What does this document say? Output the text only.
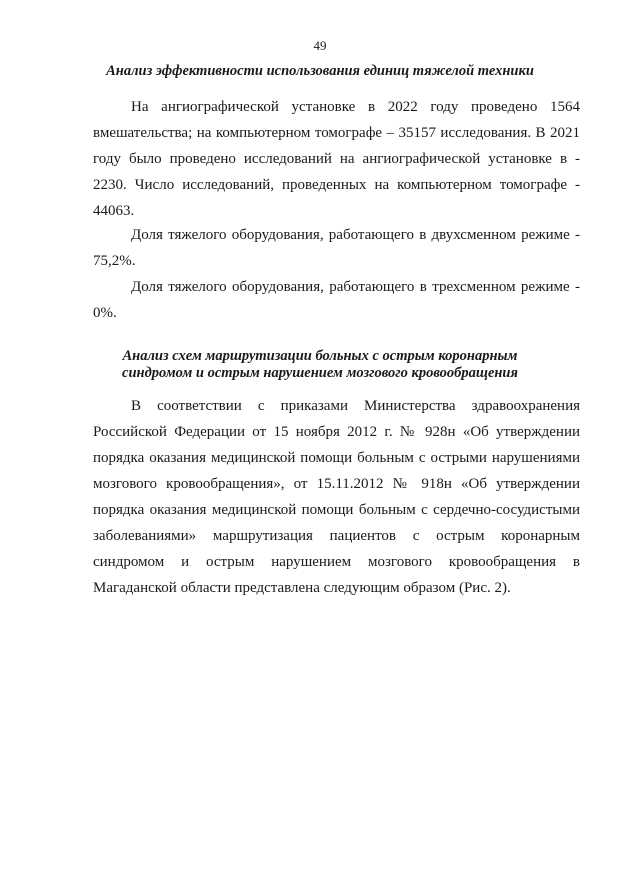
49
Анализ эффективности использования единиц тяжелой техники

На ангиографической установке в 2022 году проведено 1564 вмешательства; на компьютерном томографе – 35157 исследования. В 2021 году было проведено исследований на ангиографической установке в - 2230. Число исследований, проведенных на компьютерном томографе - 44063.

Доля тяжелого оборудования, работающего в двухсменном режиме - 75,2%.

Доля тяжелого оборудования, работающего в трехсменном режиме - 0%.

Анализ схем маршрутизации больных с острым коронарным
синдромом и острым нарушением мозгового кровообращения

В соответствии с приказами Министерства здравоохранения Российской Федерации от 15 ноября 2012 г. № 928н «Об утверждении порядка оказания медицинской помощи больным с острыми нарушениями мозгового кровообращения», от 15.11.2012 № 918н «Об утверждении порядка оказания медицинской помощи больным с сердечно-сосудистыми заболеваниями» маршрутизация пациентов с острым коронарным синдромом и острым нарушением мозгового кровообращения в Магаданской области представлена следующим образом (Рис. 2).
